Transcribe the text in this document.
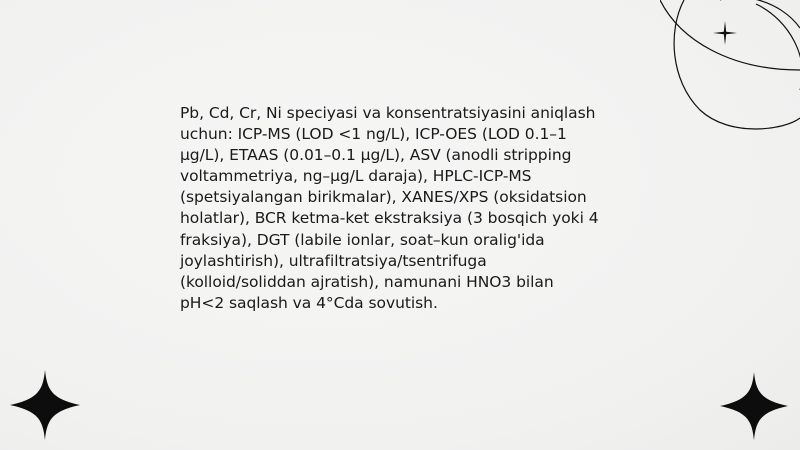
Pb, Cd, Cr, Ni speciyasi va konsentratsiyasini aniqlash
uchun: ICP-MS (LOD <1 ng/L), ICP-OES (LOD 0.1–1
µg/L), ETAAS (0.01–0.1 µg/L), ASV (anodli stripping
voltammetriya, ng–µg/L daraja), HPLC-ICP-MS
(spetsiyalangan birikmalar), XANES/XPS (oksidatsion
holatlar), BCR ketma-ket ekstraksiya (3 bosqich yoki 4
fraksiya), DGT (labile ionlar, soat–kun oralig'ida
joylashtirish), ultrafiltratsiya/tsentrifuga
(kolloid/soliddan ajratish), namunani HNO3 bilan
pH<2 saqlash va 4°Cda sovutish.
